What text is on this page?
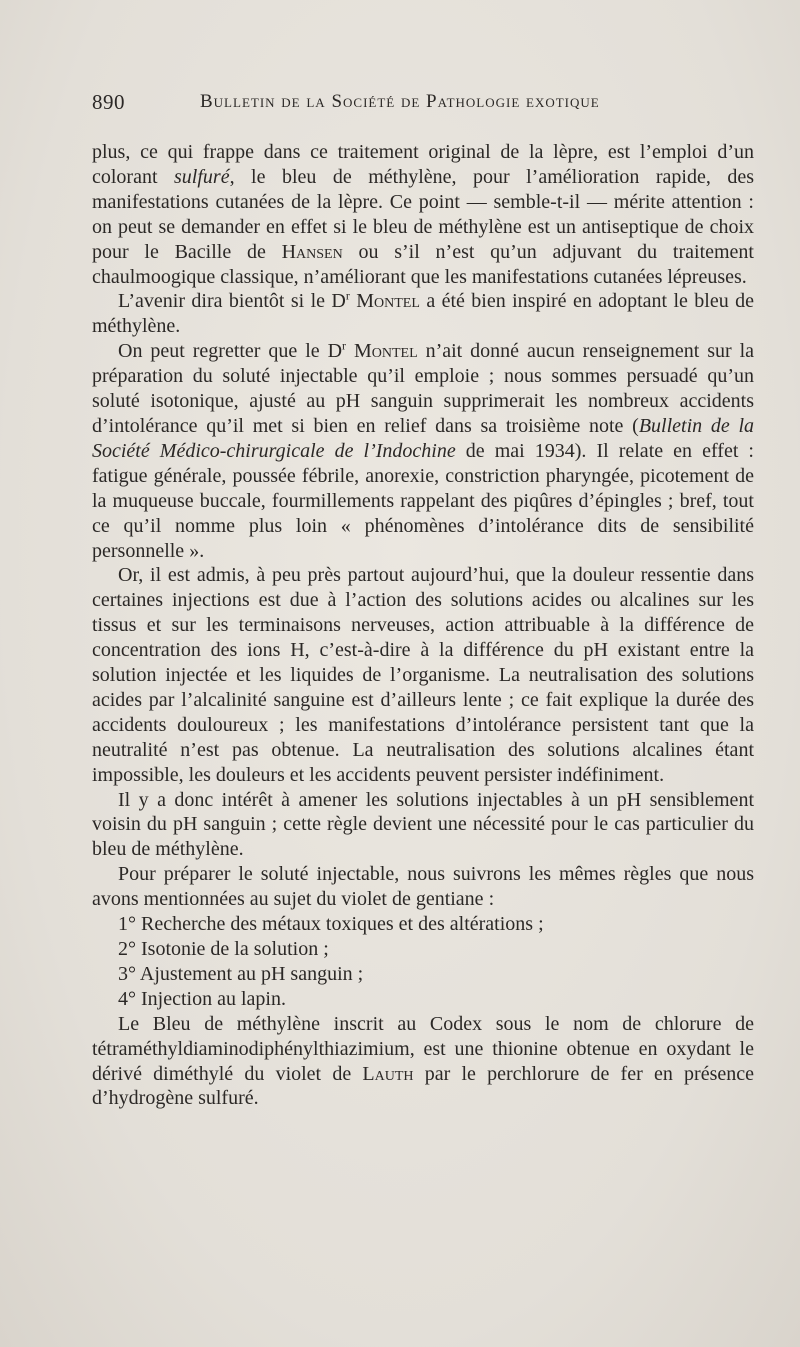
890	Bulletin de la Société de Pathologie exotique

plus, ce qui frappe dans ce traitement original de la lèpre, est l’emploi d’un colorant sulfuré, le bleu de méthylène, pour l’amélioration rapide, des manifestations cutanées de la lèpre. Ce point — semble-t-il — mérite attention : on peut se demander en effet si le bleu de méthylène est un antiseptique de choix pour le Bacille de Hansen ou s’il n’est qu’un adjuvant du traitement chaulmoogique classique, n’améliorant que les manifestations cutanées lépreuses.

L’avenir dira bientôt si le $D^r$ Montel a été bien inspiré en adoptant le bleu de méthylène.

On peut regretter que le $D^r$ Montel n’ait donné aucun renseignement sur la préparation du soluté injectable qu’il emploie ; nous sommes persuadé qu’un soluté isotonique, ajusté au pH sanguin supprimerait les nombreux accidents d’intolérance qu’il met si bien en relief dans sa troisième note (Bulletin de la Société Médico-chirurgicale de l’Indochine de mai 1934). Il relate en effet : fatigue générale, poussée fébrile, anorexie, constriction pharyngée, picotement de la muqueuse buccale, fourmillements rappelant des piqûres d’épingles ; bref, tout ce qu’il nomme plus loin « phénomènes d’intolérance dits de sensibilité personnelle ».

Or, il est admis, à peu près partout aujourd’hui, que la douleur ressentie dans certaines injections est due à l’action des solutions acides ou alcalines sur les tissus et sur les terminaisons nerveuses, action attribuable à la différence de concentration des ions H, c’est-à-dire à la différence du pH existant entre la solution injectée et les liquides de l’organisme. La neutralisation des solutions acides par l’alcalinité sanguine est d’ailleurs lente ; ce fait explique la durée des accidents douloureux ; les manifestations d’intolérance persistent tant que la neutralité n’est pas obtenue. La neutralisation des solutions alcalines étant impossible, les douleurs et les accidents peuvent persister indéfiniment.

Il y a donc intérêt à amener les solutions injectables à un pH sensiblement voisin du pH sanguin ; cette règle devient une nécessité pour le cas particulier du bleu de méthylène.

Pour préparer le soluté injectable, nous suivrons les mêmes règles que nous avons mentionnées au sujet du violet de gentiane :

1° Recherche des métaux toxiques et des altérations ;

2° Isotonie de la solution ;

3° Ajustement au pH sanguin ;

4° Injection au lapin.

Le Bleu de méthylène inscrit au Codex sous le nom de chlorure de tétraméthyldiaminodiphénylthiazimium, est une thionine obtenue en oxydant le dérivé diméthylé du violet de Lauth par le perchlorure de fer en présence d’hydrogène sulfuré.
